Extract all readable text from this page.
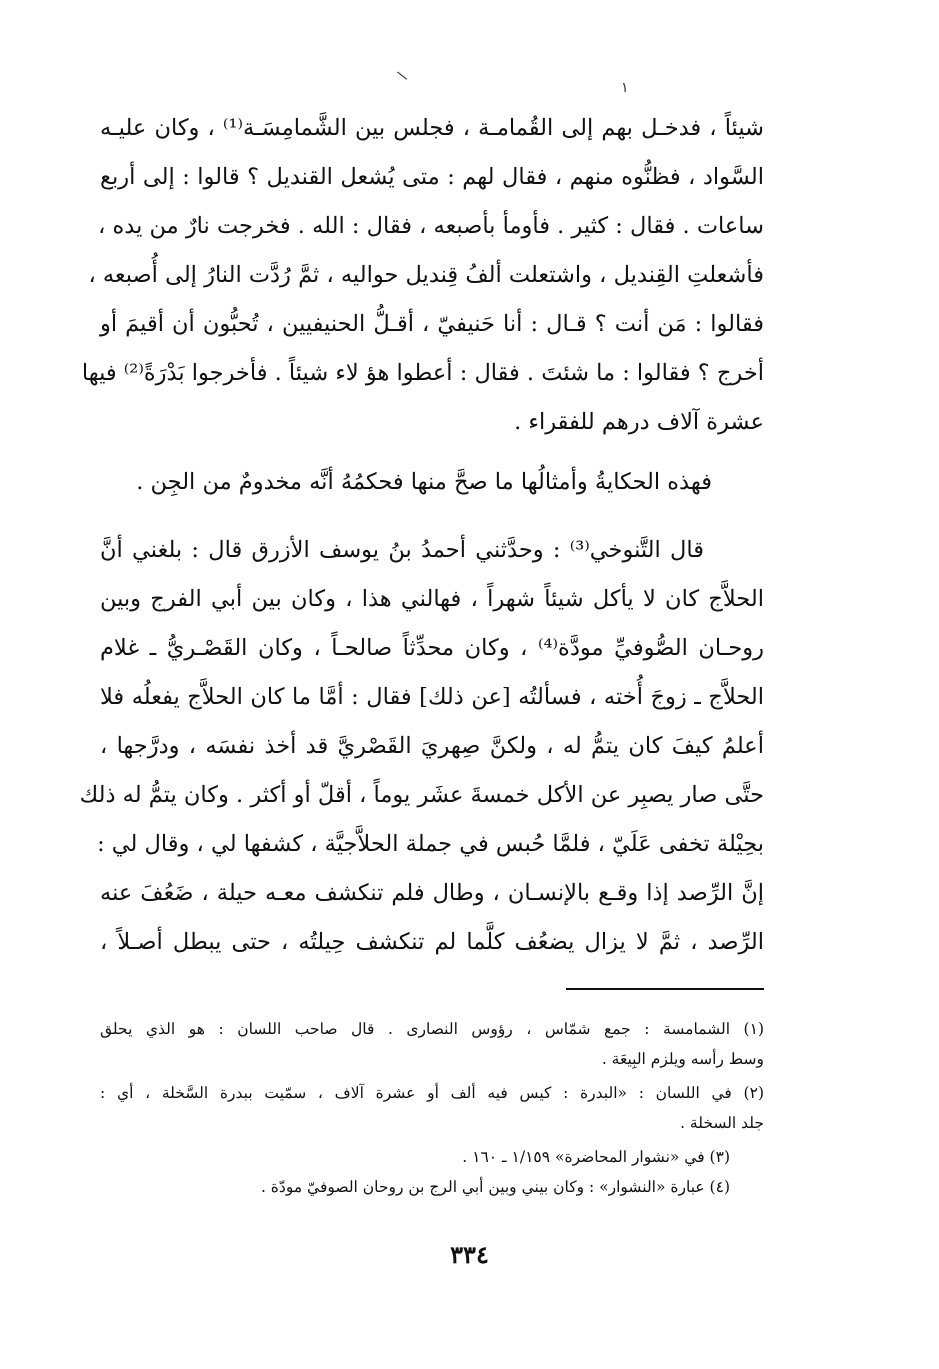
\
١
شيئاً ، فدخـل بهم إلى القُمامـة ، فجلس بين الشَّمامِسَـة⁽¹⁾ ، وكان عليـه
السَّواد ، فظنُّوه منهم ، فقال لهم : متى يُشعل القنديل ؟ قالوا : إلى أربع
ساعات . فقال : كثير . فأومأ بأصبعه ، فقال : الله . فخرجت نارٌ من يده ،
فأشعلتِ القِنديل ، واشتعلت ألفُ قِنديل حواليه ، ثمَّ رُدَّت النارُ إلى أُصبعه ،
فقالوا : مَن أنت ؟ قـال : أنا حَنيفيّ ، أقـلُّ الحنيفيين ، تُحبُّون أن أقيمَ أو
أخرج ؟ فقالوا : ما شئتَ . فقال : أعطوا هؤ لاء شيئاً . فأخرجوا بَدْرَةً⁽²⁾ فيها
عشرة آلاف درهم للفقراء .
فهذه الحكايةُ وأمثالُها ما صحَّ منها فحكمُهُ أنَّه مخدومٌ من الجِن .
قال التَّنوخي⁽³⁾ : وحدَّثني أحمدُ بنُ يوسف الأزرق قال : بلغني أنَّ
الحلاَّج كان لا يأكل شيئاً شهراً ، فهالني هذا ، وكان بين أبي الفرج وبين
روحـان الصُّوفيِّ مودَّة⁽⁴⁾ ، وكان محدِّثاً صالحـاً ، وكان القَصْـريُّ ـ غلام
الحلاَّج ـ زوجَ أُخته ، فسألتُه [عن ذلك] فقال : أمَّا ما كان الحلاَّج يفعلُه فلا
أعلمُ كيفَ كان يتمُّ له ، ولكنَّ صِهريَ القَصْريَّ قد أخذ نفسَه ، ودرَّجها ،
حتَّى صار يصبِر عن الأكل خمسةَ عشَر يوماً ، أقلّ أو أكثر . وكان يتمُّ له ذلك
بحِيْلة تخفى عَلَيّ ، فلمَّا حُبس في جملة الحلاَّجيَّة ، كشفها لي ، وقال لي :
إنَّ الرِّصد إذا وقـع بالإنسـان ، وطال فلم تنكشف معـه حيلة ، ضَعُفَ عنه
الرِّصد ، ثمَّ لا يزال يضعُف كلَّما لم تنكشف حِيلتُه ، حتى يبطل أصـلاً ،
(١) الشمامسة : جمع شمّاس ، رؤوس النصارى . قال صاحب اللسان : هو الذي يحلق
وسط رأسه ويلزم البِيعَة .
(٢) في اللسان : «البدرة : كيس فيه ألف أو عشرة آلاف ، سمّيت ببدرة السَّخلة ، أي :
جلد السخلة .
(٣) في «نشوار المحاضرة» ١/١٥٩ ـ ١٦٠ .
(٤) عبارة «النشوار» : وكان بيني وبين أبي الرج بن روحان الصوفيّ مودّة .
٣٣٤
